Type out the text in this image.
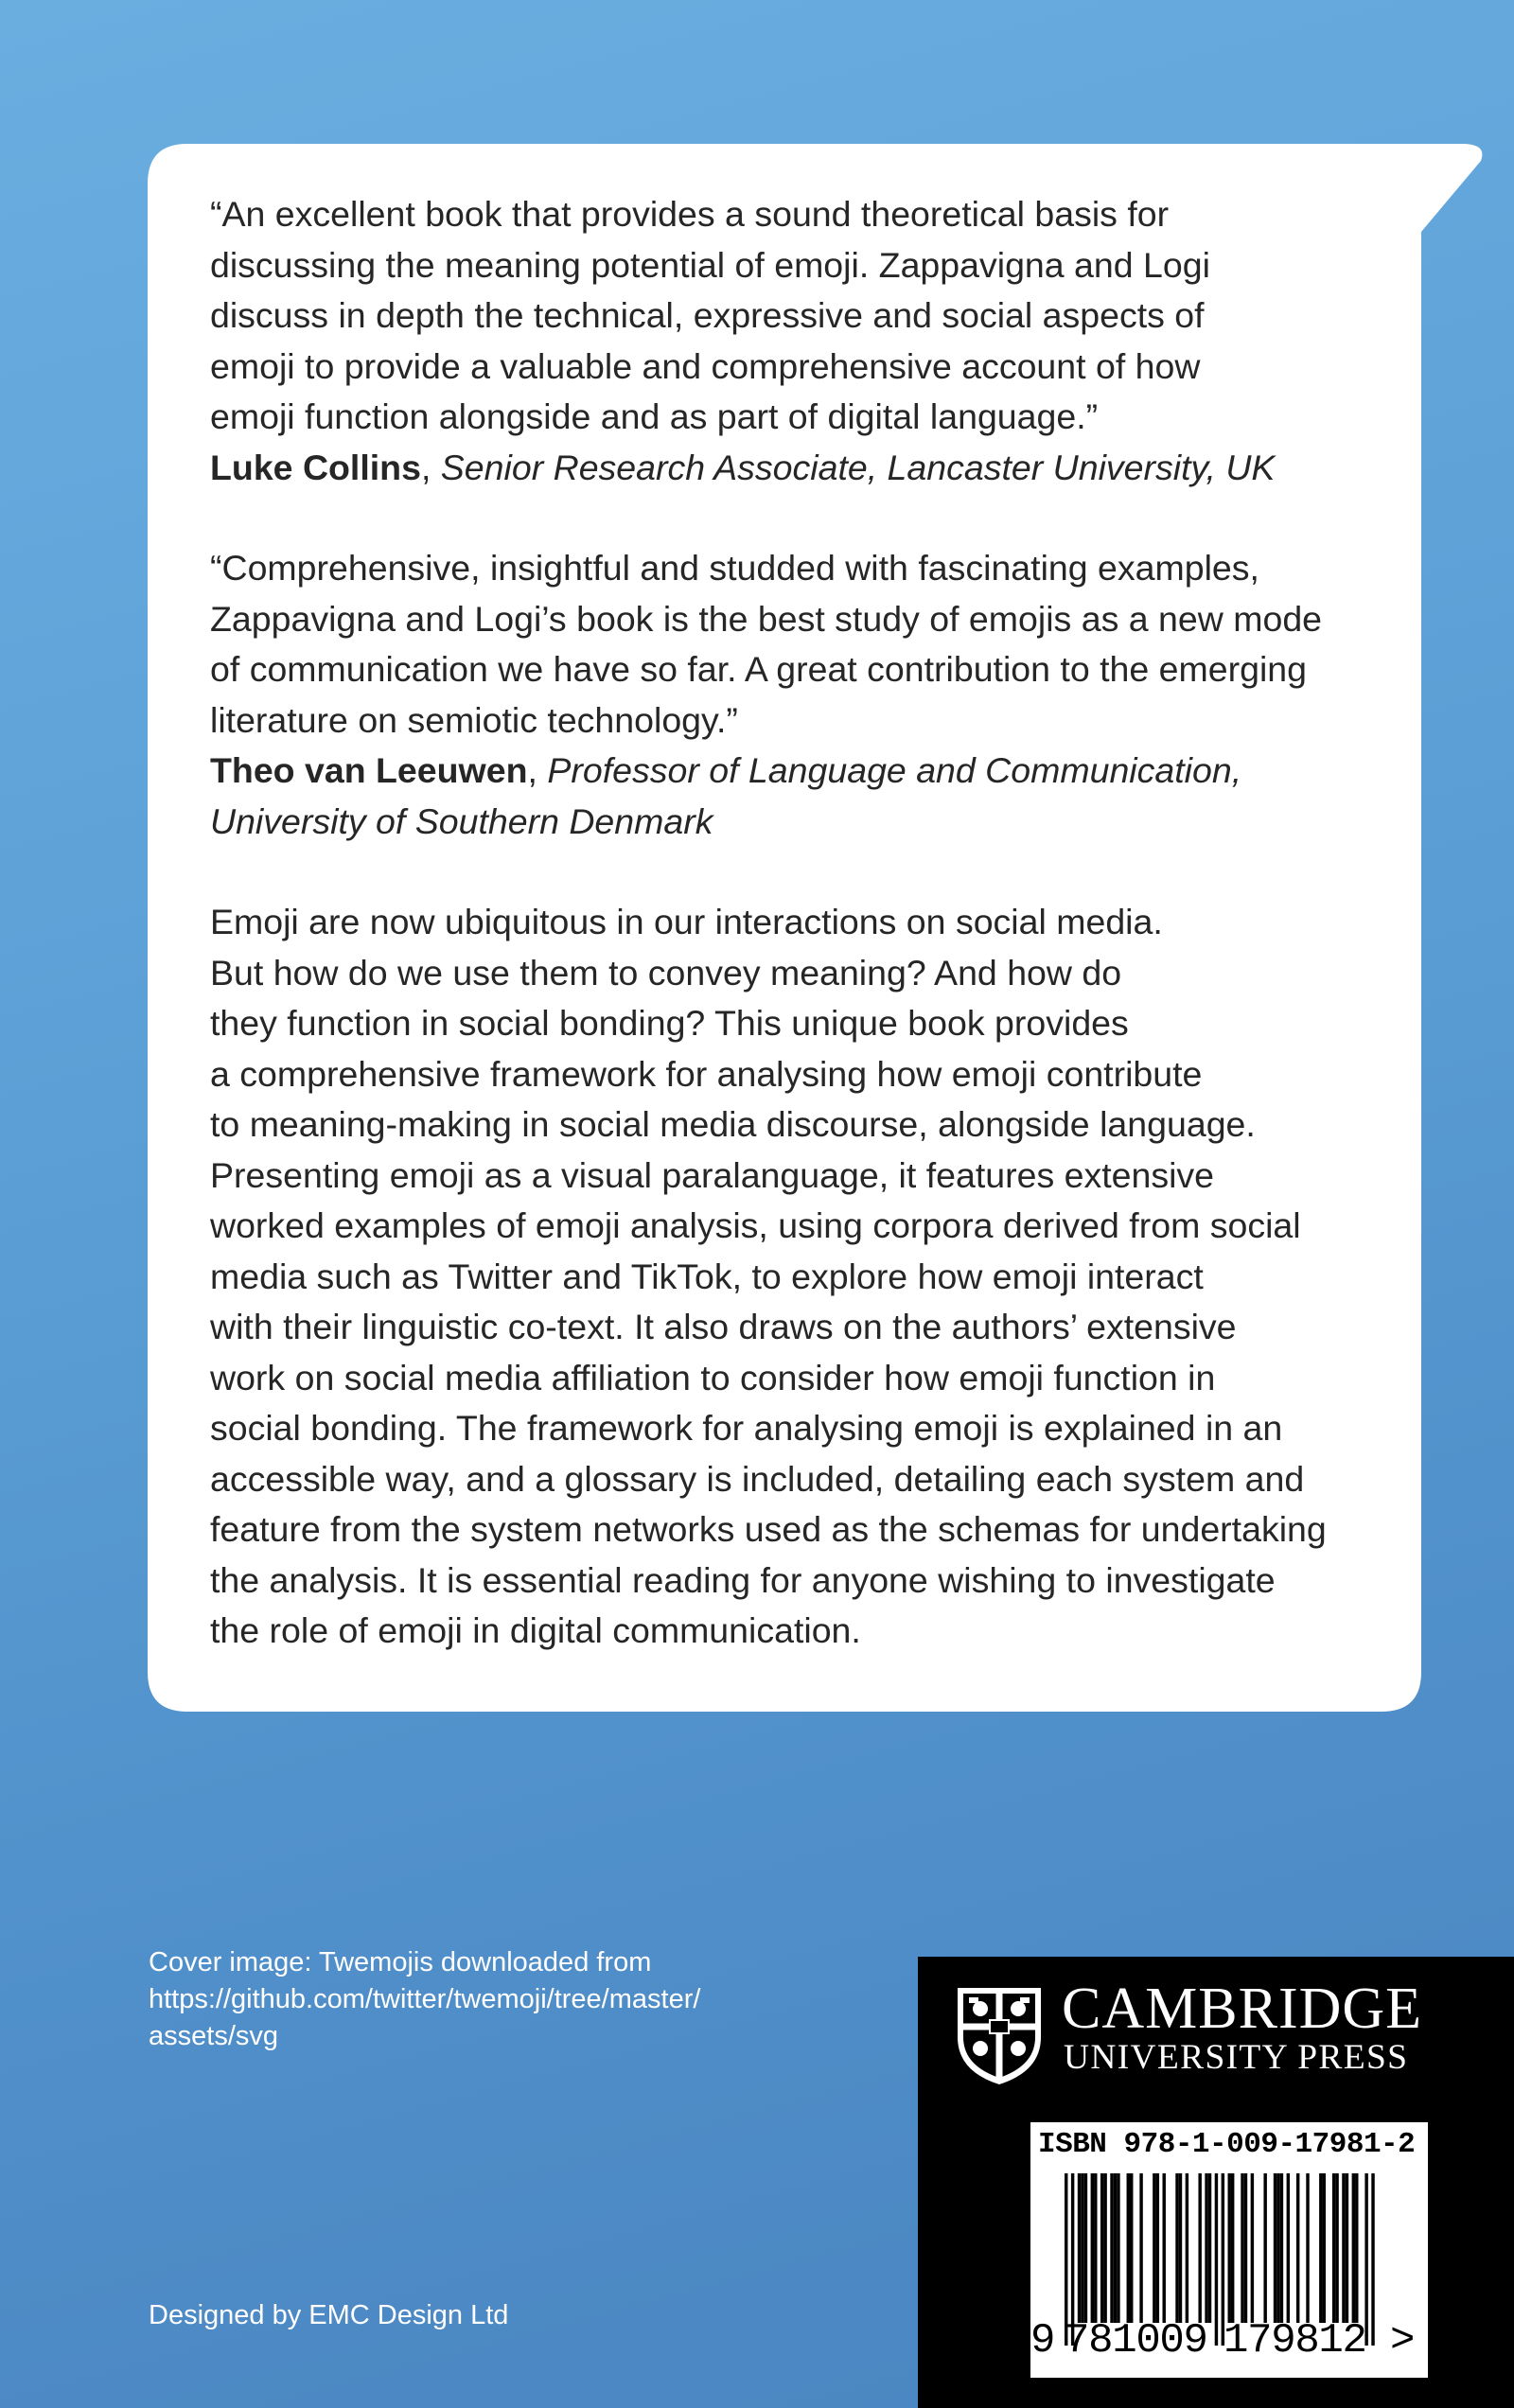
“An excellent book that provides a sound theoretical basis for

discussing the meaning potential of emoji. Zappavigna and Logi

discuss in depth the technical, expressive and social aspects of

emoji to provide a valuable and comprehensive account of how

emoji function alongside and as part of digital language.”

Luke Collins, Senior Research Associate, Lancaster University, UK

“Comprehensive, insightful and studded with fascinating examples,

Zappavigna and Logi’s book is the best study of emojis as a new mode

of communication we have so far. A great contribution to the emerging

literature on semiotic technology.”

Theo van Leeuwen, Professor of Language and Communication,

University of Southern Denmark

Emoji are now ubiquitous in our interactions on social media.

But how do we use them to convey meaning? And how do

they function in social bonding? This unique book provides

a comprehensive framework for analysing how emoji contribute

to meaning-making in social media discourse, alongside language.

Presenting emoji as a visual paralanguage, it features extensive

worked examples of emoji analysis, using corpora derived from social

media such as Twitter and TikTok, to explore how emoji interact

with their linguistic co-text. It also draws on the authors’ extensive

work on social media affiliation to consider how emoji function in

social bonding. The framework for analysing emoji is explained in an

accessible way, and a glossary is included, detailing each system and

feature from the system networks used as the schemas for undertaking

the analysis. It is essential reading for anyone wishing to investigate

the role of emoji in digital communication.

Cover image: Twemojis downloaded from
https://github.com/twitter/twemoji/tree/master/
assets/svg
Designed by EMC Design Ltd
CAMBRIDGE
UNIVERSITY PRESS
ISBN 978-1-009-17981-2
9 781009 179812 >
